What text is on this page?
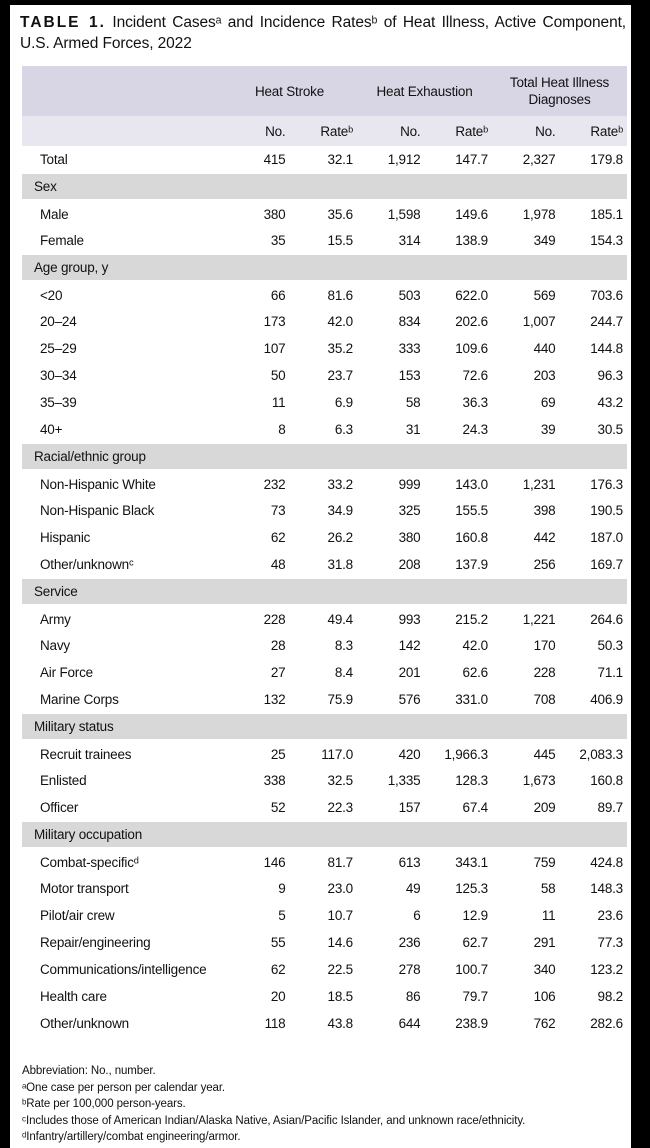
TABLE 1. Incident Casesᵃ and Incidence Ratesᵇ of Heat Illness, Active Component,
U.S. Armed Forces, 2022
	Heat Stroke		Heat Exhaustion		Total Heat Illness Diagnoses	
	No.	Rateᵇ	No.	Rateᵇ	No.	Rateᵇ
Total	415	32.1	1,912	147.7	2,327	179.8
Sex						
Male	380	35.6	1,598	149.6	1,978	185.1
Female	35	15.5	314	138.9	349	154.3
Age group, y						
<20	66	81.6	503	622.0	569	703.6
20–24	173	42.0	834	202.6	1,007	244.7
25–29	107	35.2	333	109.6	440	144.8
30–34	50	23.7	153	72.6	203	96.3
35–39	11	6.9	58	36.3	69	43.2
40+	8	6.3	31	24.3	39	30.5
Racial/ethnic group						
Non-Hispanic White	232	33.2	999	143.0	1,231	176.3
Non-Hispanic Black	73	34.9	325	155.5	398	190.5
Hispanic	62	26.2	380	160.8	442	187.0
Other/unknownᶜ	48	31.8	208	137.9	256	169.7
Service						
Army	228	49.4	993	215.2	1,221	264.6
Navy	28	8.3	142	42.0	170	50.3
Air Force	27	8.4	201	62.6	228	71.1
Marine Corps	132	75.9	576	331.0	708	406.9
Military status						
Recruit trainees	25	117.0	420	1,966.3	445	2,083.3
Enlisted	338	32.5	1,335	128.3	1,673	160.8
Officer	52	22.3	157	67.4	209	89.7
Military occupation						
Combat-specificᵈ	146	81.7	613	343.1	759	424.8
Motor transport	9	23.0	49	125.3	58	148.3
Pilot/air crew	5	10.7	6	12.9	11	23.6
Repair/engineering	55	14.6	236	62.7	291	77.3
Communications/intelligence	62	22.5	278	100.7	340	123.2
Health care	20	18.5	86	79.7	106	98.2
Other/unknown	118	43.8	644	238.9	762	282.6
Abbreviation: No., number.
ᵃOne case per person per calendar year.
ᵇRate per 100,000 person-years.
ᶜIncludes those of American Indian/Alaska Native, Asian/Pacific Islander, and unknown race/ethnicity.
ᵈInfantry/artillery/combat engineering/armor.
